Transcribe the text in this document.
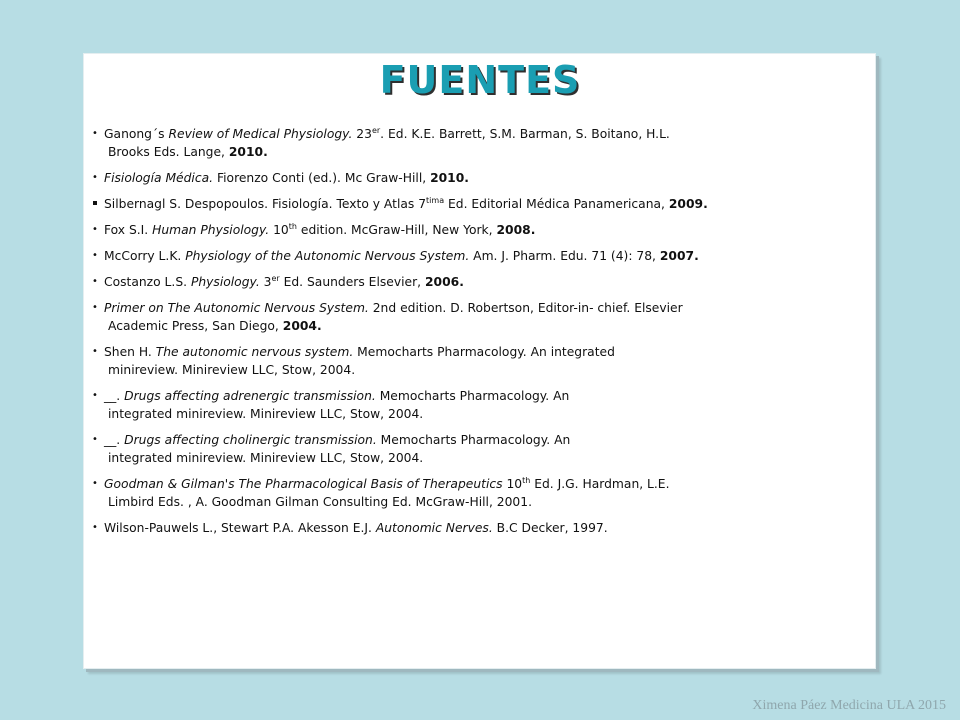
FUENTES
• Ganong´s Review of Medical Physiology. 23er. Ed. K.E. Barrett, S.M. Barman, S. Boitano, H.L.
Brooks Eds. Lange, 2010.
• Fisiología Médica. Fiorenzo Conti (ed.). Mc Graw-Hill, 2010.
Silbernagl S. Despopoulos. Fisiología. Texto y Atlas $7^{tima}$ Ed. Editorial Médica Panamericana, 2009.
• Fox S.I. Human Physiology. 10th edition. McGraw-Hill, New York, 2008.
• McCorry L.K. Physiology of the Autonomic Nervous System. Am. J. Pharm. Edu. 71 (4): 78, 2007.
• Costanzo L.S. Physiology. 3er Ed. Saunders Elsevier, 2006.
• Primer on The Autonomic Nervous System. 2nd edition. D. Robertson, Editor-in- chief. Elsevier
Academic Press, San Diego, 2004.
• Shen H. The autonomic nervous system. Memocharts Pharmacology. An integrated
minireview. Minireview LLC, Stow, 2004.
• __. Drugs affecting adrenergic transmission. Memocharts Pharmacology. An
integrated minireview. Minireview LLC, Stow, 2004.
• __. Drugs affecting cholinergic transmission. Memocharts Pharmacology. An
integrated minireview. Minireview LLC, Stow, 2004.
• Goodman & Gilman's The Pharmacological Basis of Therapeutics 10th Ed. J.G. Hardman, L.E.
Limbird Eds. , A. Goodman Gilman Consulting Ed. McGraw-Hill, 2001.
• Wilson-Pauwels L., Stewart P.A. Akesson E.J. Autonomic Nerves. B.C Decker, 1997.
Ximena Páez Medicina ULA 2015
